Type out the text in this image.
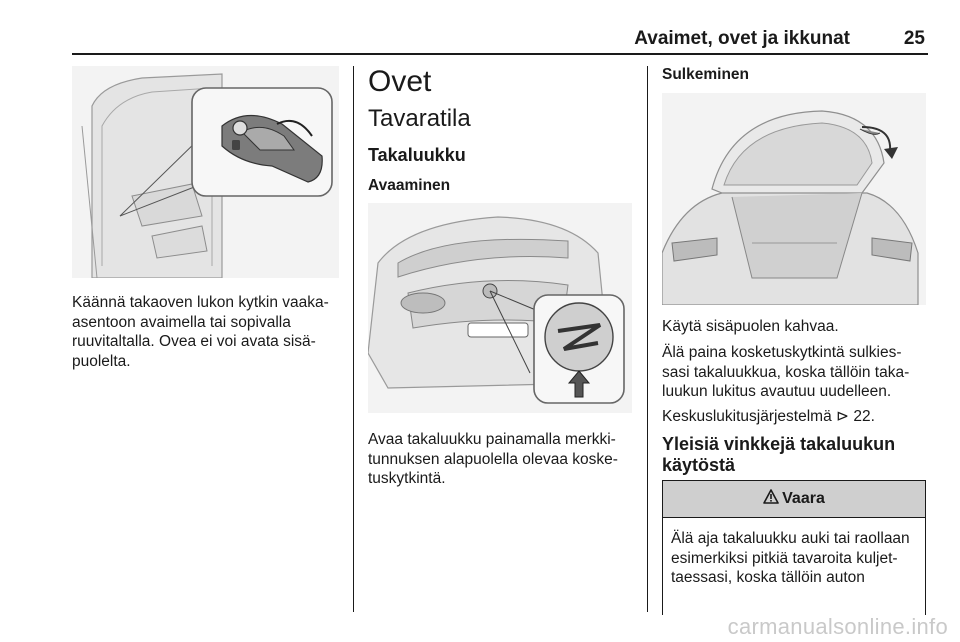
Avaimet, ovet ja ikkunat	25
Käännä takaoven lukon kytkin vaaka-
asentoon avaimella tai sopivalla
ruuvitaltalla. Ovea ei voi avata sisä-
puolelta.
Ovet
Tavaratila
Takaluukku
Avaaminen
Avaa takaluukku painamalla merkki-
tunnuksen alapuolella olevaa koske-
tuskytkintä.
Sulkeminen
Käytä sisäpuolen kahvaa.
Älä paina kosketuskytkintä sulkies-
sasi takaluukkua, koska tällöin taka-
luukun lukitus avautuu uudelleen.
Keskuslukitusjärjestelmä ⊳ 22.
Yleisiä vinkkejä takaluukun
käytöstä
Vaara
Älä aja takaluukku auki tai raollaan
esimerkiksi pitkiä tavaroita kuljet-
taessasi, koska tällöin auton
carmanualsonline.info
